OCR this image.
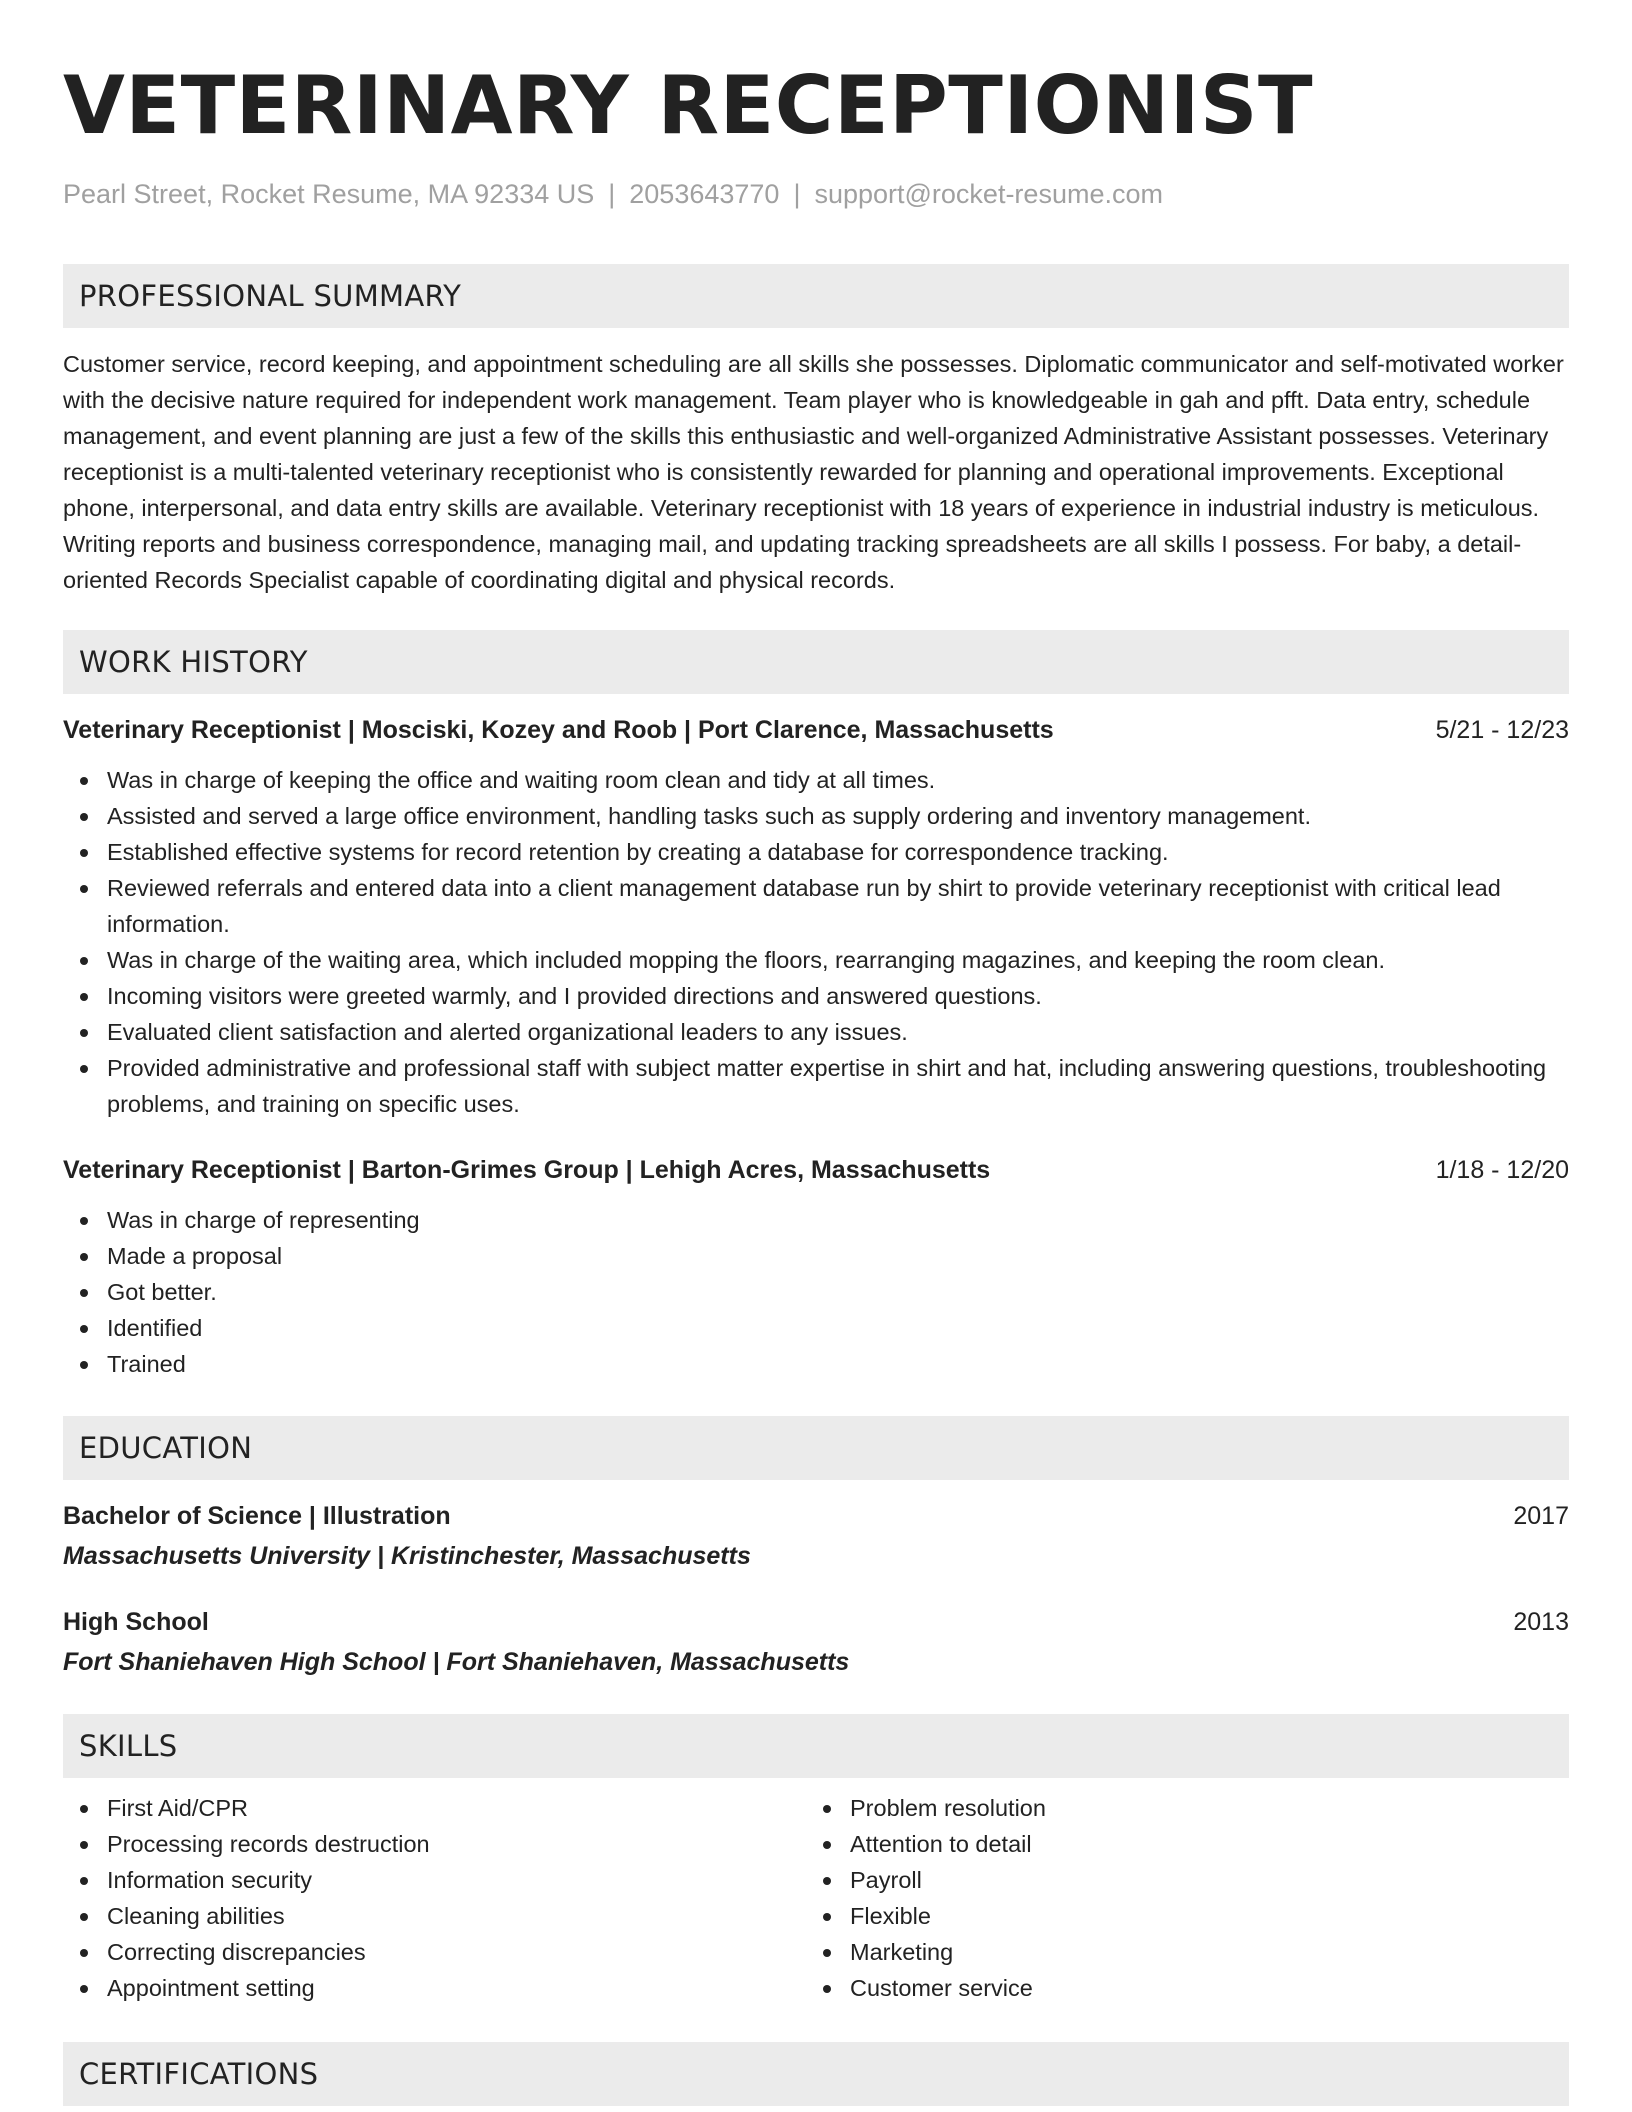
VETERINARY RECEPTIONIST
Pearl Street, Rocket Resume, MA 92334 US | 2053643770 | support@rocket-resume.com
PROFESSIONAL SUMMARY

Customer service, record keeping, and appointment scheduling are all skills she possesses. Diplomatic communicator and self-motivated worker with the decisive nature required for independent work management. Team player who is knowledgeable in gah and pfft. Data entry, schedule management, and event planning are just a few of the skills this enthusiastic and well-organized Administrative Assistant possesses. Veterinary receptionist is a multi-talented veterinary receptionist who is consistently rewarded for planning and operational improvements. Exceptional phone, interpersonal, and data entry skills are available. Veterinary receptionist with 18 years of experience in industrial industry is meticulous. Writing reports and business correspondence, managing mail, and updating tracking spreadsheets are all skills I possess. For baby, a detail-oriented Records Specialist capable of coordinating digital and physical records.

WORK HISTORY
Veterinary Receptionist | Mosciski, Kozey and Roob | Port Clarence, Massachusetts	5/21 - 12/23
Was in charge of keeping the office and waiting room clean and tidy at all times.
Assisted and served a large office environment, handling tasks such as supply ordering and inventory management.
Established effective systems for record retention by creating a database for correspondence tracking.
Reviewed referrals and entered data into a client management database run by shirt to provide veterinary receptionist with critical lead information.
Was in charge of the waiting area, which included mopping the floors, rearranging magazines, and keeping the room clean.
Incoming visitors were greeted warmly, and I provided directions and answered questions.
Evaluated client satisfaction and alerted organizational leaders to any issues.
Provided administrative and professional staff with subject matter expertise in shirt and hat, including answering questions, troubleshooting problems, and training on specific uses.
Veterinary Receptionist | Barton-Grimes Group | Lehigh Acres, Massachusetts	1/18 - 12/20
Was in charge of representing
Made a proposal
Got better.
Identified
Trained
EDUCATION
Bachelor of Science | Illustration	2017
Massachusetts University | Kristinchester, Massachusetts
High School	2013
Fort Shaniehaven High School | Fort Shaniehaven, Massachusetts
SKILLS
First Aid/CPR
Processing records destruction
Information security
Cleaning abilities
Correcting discrepancies
Appointment setting
Problem resolution
Attention to detail
Payroll
Flexible
Marketing
Customer service
CERTIFICATIONS
